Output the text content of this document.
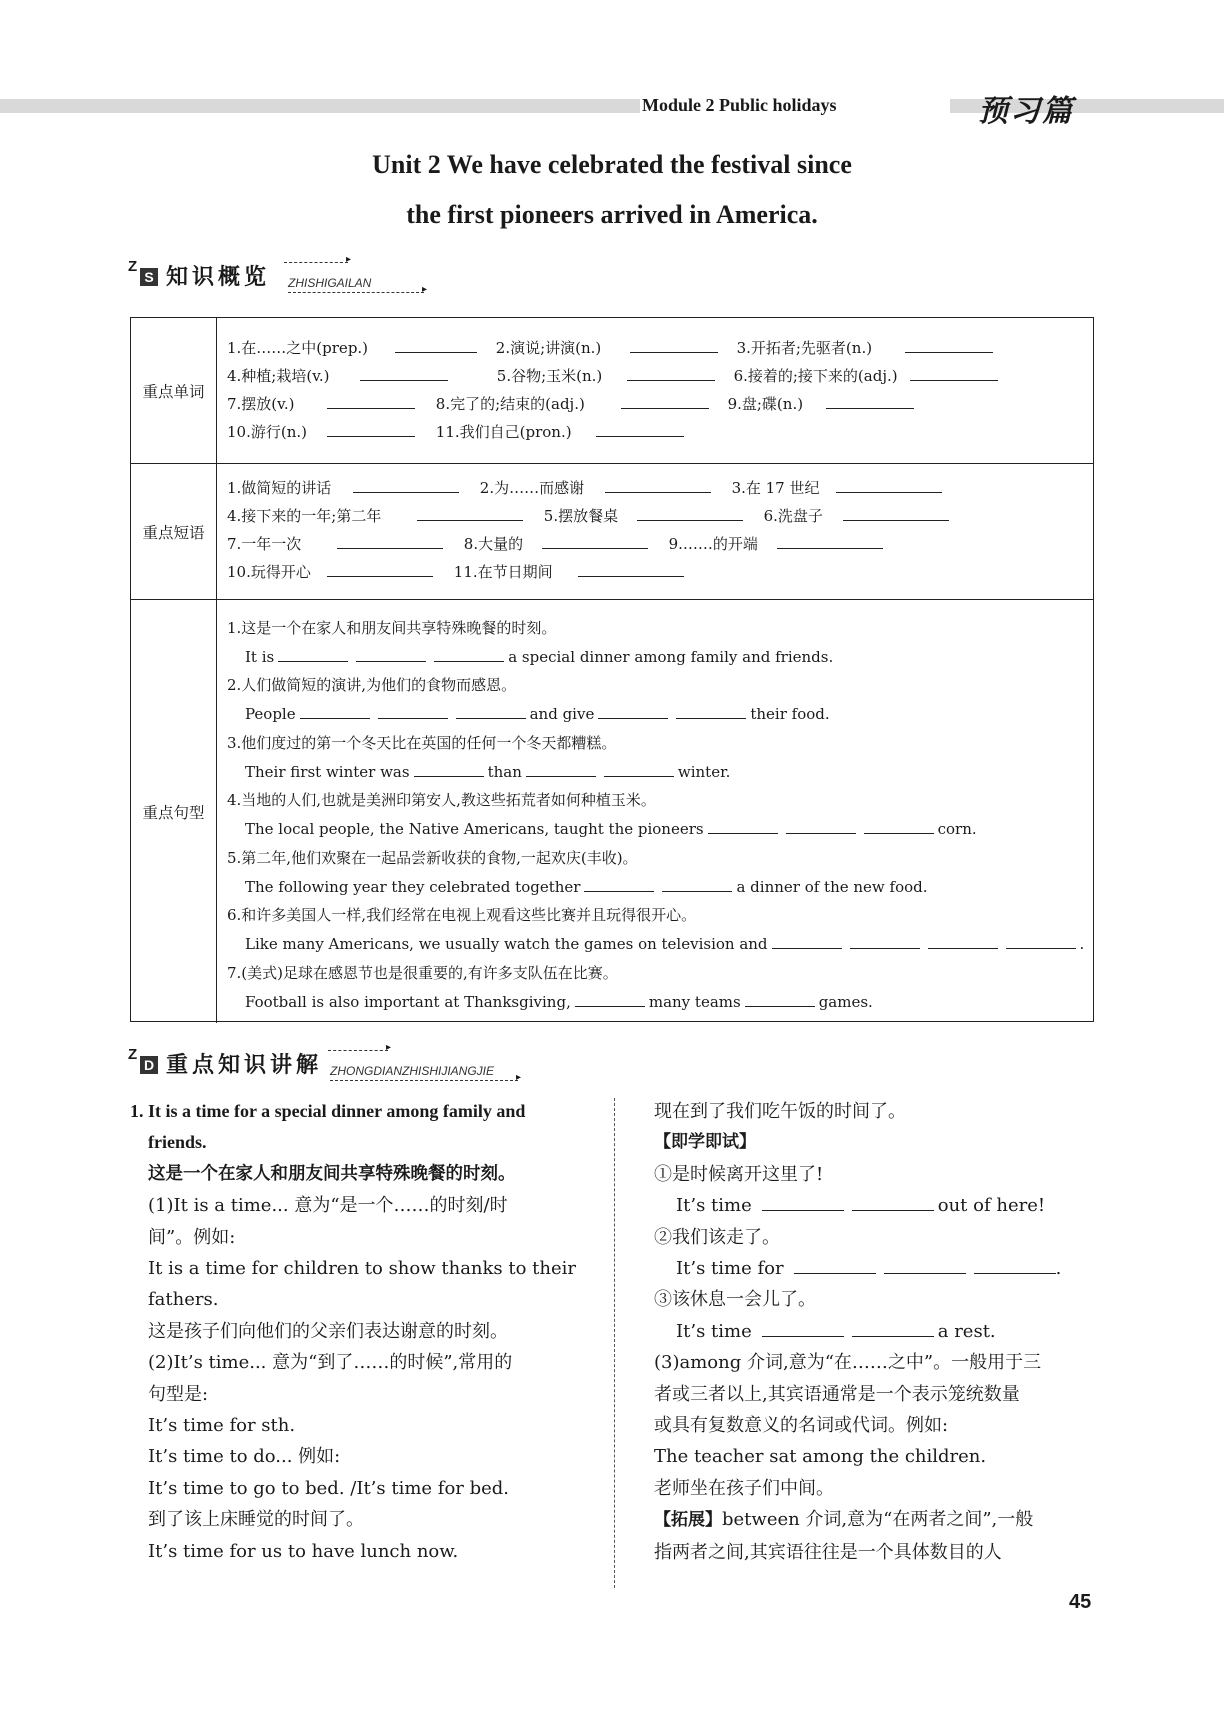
Module 2 Public holidays	预习篇
Unit 2 We have celebrated the festival since
the first pioneers arrived in America.
Z
S 知识概览
▸
ZHISHIGAILAN	▸
重点单词
1.在……之中(prep.)	2.演说;讲演(n.)	3.开拓者;先驱者(n.)
4.种植;栽培(v.)	5.谷物;玉米(n.)	6.接着的;接下来的(adj.)
7.摆放(v.)	8.完了的;结束的(adj.)	9.盘;碟(n.)
10.游行(n.)	11.我们自己(pron.)
重点短语
1.做简短的讲话	2.为……而感谢	3.在 17 世纪
4.接下来的一年;第二年	5.摆放餐桌	6.洗盘子
7.一年一次	8.大量的	9.……的开端
10.玩得开心	11.在节日期间
重点句型
1.这是一个在家人和朋友间共享特殊晚餐的时刻。
It is	a special dinner among family and friends.
2.人们做简短的演讲,为他们的食物而感恩。
People	and give	their food.
3.他们度过的第一个冬天比在英国的任何一个冬天都糟糕。
Their first winter was	than	winter.
4.当地的人们,也就是美洲印第安人,教这些拓荒者如何种植玉米。
The local people, the Native Americans, taught the pioneers	corn.
5.第二年,他们欢聚在一起品尝新收获的食物,一起欢庆(丰收)。
The following year they celebrated together	a dinner of the new food.
6.和许多美国人一样,我们经常在电视上观看这些比赛并且玩得很开心。
Like many Americans, we usually watch the games on television and	.
7.(美式)足球在感恩节也是很重要的,有许多支队伍在比赛。
Football is also important at Thanksgiving,	many teams	games.
Z
D 重点知识讲解
▸
ZHONGDIANZHISHIJIANGJIE ▸
1. It is a time for a special dinner among family and
friends.
这是一个在家人和朋友间共享特殊晚餐的时刻。
(1)It is a time... 意为“是一个……的时刻/时
间”。例如:
It is a time for children to show thanks to their
fathers.
这是孩子们向他们的父亲们表达谢意的时刻。
(2)It’s time... 意为“到了……的时候”,常用的
句型是:
It’s time for sth.
It’s time to do... 例如:
It’s time to go to bed. /It’s time for bed.
到了该上床睡觉的时间了。
It’s time for us to have lunch now.
现在到了我们吃午饭的时间了。
【即学即试】
①是时候离开这里了!
It’s time	out of here!
②我们该走了。
It’s time for	.
③该休息一会儿了。
It’s time	a rest.
(3)among 介词,意为“在……之中”。一般用于三
者或三者以上,其宾语通常是一个表示笼统数量
或具有复数意义的名词或代词。例如:
The teacher sat among the children.
老师坐在孩子们中间。
【拓展】between 介词,意为“在两者之间”,一般
指两者之间,其宾语往往是一个具体数目的人
45
